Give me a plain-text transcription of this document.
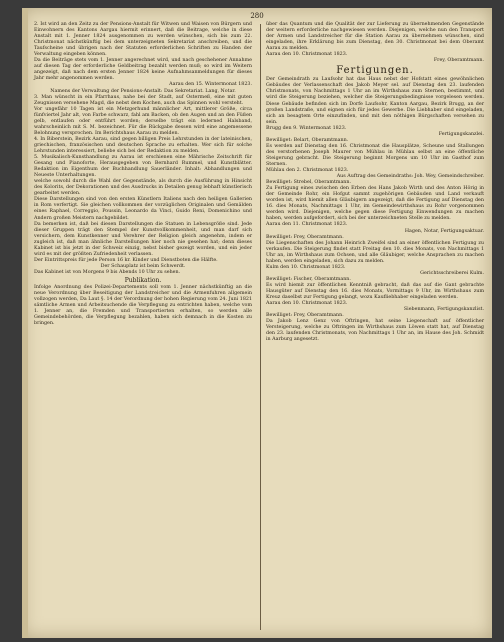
280

2. Ist wird an den Zeitz zu der Pensions-Anstalt für Witwen und Waisen von Bürgern und Einwohnern des Kantons Aargau hiermit erinnert, daß die Beitrage, welche in diese Anstalt mit 1. Jenner 1824 ausgenommen zu werden wünschen, sich bis zum 22. Christmonat nächstkünftig bei dem unterzeigneten Sekretariat anschreiben, und die Taufscheine und übrigen nach der Statuten erforderlichen Schriften zu Handen der Verwaltung eingeben können.

Da die Beiträge stets vom 1. Jenner angerechnet wird, und nach geschehener Annahme auf diesen Tag der erforderliche Geldbeitrag bezahlt werden muß; so wird im Weitern angezeigt, daß nach dem ersten Jenner 1824 keine Aufnahmsanmeldungen für dieses Jahr mehr angenommen werden.

Aarau den 15. Wintermonat 1823.

Namens der Verwaltung der Pensions-Anstalt: Das Sekretariat. Lang, Notar.

3. Man wünscht in ein Pfarrhaus, nahe bei der Stadt, auf Ostermeß, eine mit guten Zeugnissen versehene Magd, die nebst dem Kochen, auch das Spinnen wohl versteht.

Vor ungefähr 10 Tagen ist ein Metzgerhund männlicher Art, mittlerer Größe, circa fünfviertel Jahr alt, von Farbe schwarz, fahl am Backen, ob den Augen und an den Füßen gelb, entlaufen oder entführt worden; derselbe trägt ein lederned Halsband, wahrscheinlich mit S. M. bezeichnet. Für die Rückgabe dessen wird eine angemessene Belohnung versprochen. Im Berichtshaus Aarau zu melden.

4. In Biberstein, Bezirk Aarau, sind gegen billigen Preis Lehrstunden in der lateinischen, griechischen, französischen und deutschen Sprache zu erhalten. Wer sich für solche Lehrstunden interessiert, beliebe sich bei der Redaktion zu melden.

5. Musikalisch-Kunsthandlung zu Aarau ist erschienen eine Mährische Zeitschrift für Gesang und Pianoforte, Herausgegeben von Bernhard Rummel, und Kunstblätter. Redaktion im Eigenthum der Buchhandlung Sauerländer. Inhalt: Abhandlungen und Neueste Unterhaltungen.

welche sowohl durch die Wahl der Gegenstände, als durch die Ausführung in Hinsicht des Kolorits, der Dekorationen und des Ausdrucks in Detailen genug lebhaft künstlerisch gearbeitet werden.

Diese Darstellungen sind von den ersten Künstlern Italiens nach den heiligen Gallerien in Rom verfertigt. Sie gleichen vollkommen der vorzüglichen Originalen und Gemälden eines Raphael, Correggio, Poussin, Leonardo da Vinci, Guido Reni, Domenichino und Andern großen Meistern nachgebildet.

Da bemerken ist, daß bei diesen Darstellungen die Statuen in Lebensgröße sind. Jede dieser Gruppen trägt den Stempel der Kunstvollkommenheit, und man darf sich versichern, dem Kunstkenner und Verehrer der Religion gleich angenehm, indem er zugleich ist, daß man ähnliche Darstellungen hier noch nie gesehen hat; denn dieses Kabinet ist bis jetzt in der Schweiz einzig, nebst bisher gezeigt worden, und ein jeder wird es mit der größten Zufriedenheit verlassen.

Der Eintrittspreis für jede Person 16 kr. Kinder und Dienstboten die Hälfte.

Der Schauplatz ist beim Schwerdt.

Das Kabinet ist von Morgens 9 bis Abends 10 Uhr zu sehen.

Publikation.

Infolge Anordnung des Polizei-Departements soll vom 1. Jenner nächstkünftig an die neue Verordnung über Beseitigung der Landstreicher und die Armenfuhren allgemein vollzogen werden, Da Laut §. 14 der Verordnung der hohen Regierung vom 24. Juni 1821 sämtliche Armen und Arbeitsuchende die Verpflegung zu entrichten haben, welche vom 1. Jenner an, die Fremden und Transportierten erhalten, so werden alle Gemeindebehörden, die Verpflegung bezahlen, haben sich demnach in die Kosten zu bringen.

über das Quantum und die Qualität der zur Lieferung zu übernehmenden Gegenstände der weitern erforderliche nachgewiesen werden. Diejenigen, welche nun den Transport der Armen und Landstreicher für die Station Aarau zu übernehmen wünschen, sind eingeladen, ihre Erklärung bis zum Dienstag, den 30. Christmonat bei dem Oberamt Aarau zu melden.

Aarau den 10. Christmonat 1823.

Frey, Oberamtmann.

Fertigungen.

Der Gemeindrath zu Laufsohr hat das Haus nebst der Hofstatt eines gewöhnlichen Gebäudes der Verlassenschaft des Jakob Meyer sel. auf Dienstag den 23. laufenden Christmonats, von Nachmittags 1 Uhr an im Wirthshaus zum Sternen, bestimmt, und wird die Steigerung beziehen, welcher die Steigerungsbedingnisse vorgelesen werden. Diese Gebäude befinden sich im Dorfe Laufsohr, Kanton Aargau, Bezirk Brugg, an der großen Landstraße, und eignen sich für jedes Gewerbe. Die Liebhaber sind eingeladen, sich an besagtem Orte einzufinden, und mit den nöthigen Bürgschaften versehen zu sein.

Brugg den 9. Wintermonat 1823.

Fertigungskanzlei.

Bewilliget: Belart, Oberamtmann.

Es werden auf Dienstag den 16. Christmonat die Hausplätze, Scheune und Stallungen des verstorbenen Joseph Maurer von Mühlau in Mühlau selbst an eine öffentliche Steigerung gebracht. Die Steigerung beginnt Morgens um 10 Uhr im Gasthof zum Sternen.

Mühlau den 2. Christmonat 1823.

Aus Auftrag des Gemeindraths: Joh. Wey, Gemeindschreiber.

Bewilliget: Strebel, Oberamtmann.

Zu Fertigung eines zwischen den Erben des Hans Jakob Wirth und des Anton Hörig in der Gemeinde Rohr, ein Hofgut sammt zugehörigen Gebäuden und Land verkauft worden ist, wird hiemit allen Gläubigern angezeigt, daß die Fertigung auf Dienstag den 16. dies Monats, Nachmittags 1 Uhr, im Gemeindewirthshaus zu Rohr vorgenommen werden wird. Diejenigen, welche gegen diese Fertigung Einwendungen zu machen haben, werden aufgefordert, sich bei der unterzeichneten Stelle zu melden.

Aarau den 11. Christmonat 1823.

Hagen, Notar, Fertigungsaktuar.

Bewilliget: Frey, Oberamtmann.

Die Liegenschaften des Johann Heinrich Zweifel sind an einer öffentlichen Fertigung zu verkaufen. Die Steigerung findet statt Freitag den 10. dies Monats, von Nachmittags 1 Uhr an, im Wirthshaus zum Ochsen, und alle Gläubiger, welche Ansprachen zu machen haben, werden eingeladen, sich dazu zu melden.

Kulm den 10. Christmonat 1823.

Gerichtsschreiberei Kulm.

Bewilliget: Fischer, Oberamtmann.

Es wird hiemit zur öffentlichen Kenntniß gebracht, daß das auf die Gant gebrachte Hausgüter auf Dienstag den 16. dies Monats, Vormittags 9 Uhr, im Wirthshaus zum Kreuz daselbst zur Fertigung gelangt, wozu Kaufliebhaber eingeladen werden.

Aarau den 10. Christmonat 1823.

Siebenmann, Fertigungskanzlist.

Bewilliget: Frey, Oberamtmann.

Da Jakob Lenz Genz von Oftringen, hat seine Liegenschaft auf öffentlicher Versteigerung, welche zu Oftringen im Wirthshaus zum Löwen statt hat, auf Dienstag den 23. laufenden Christmonats, von Nachmittags 1 Uhr an, im Hause des Joh. Schmidt in Aarburg angesetzt.
